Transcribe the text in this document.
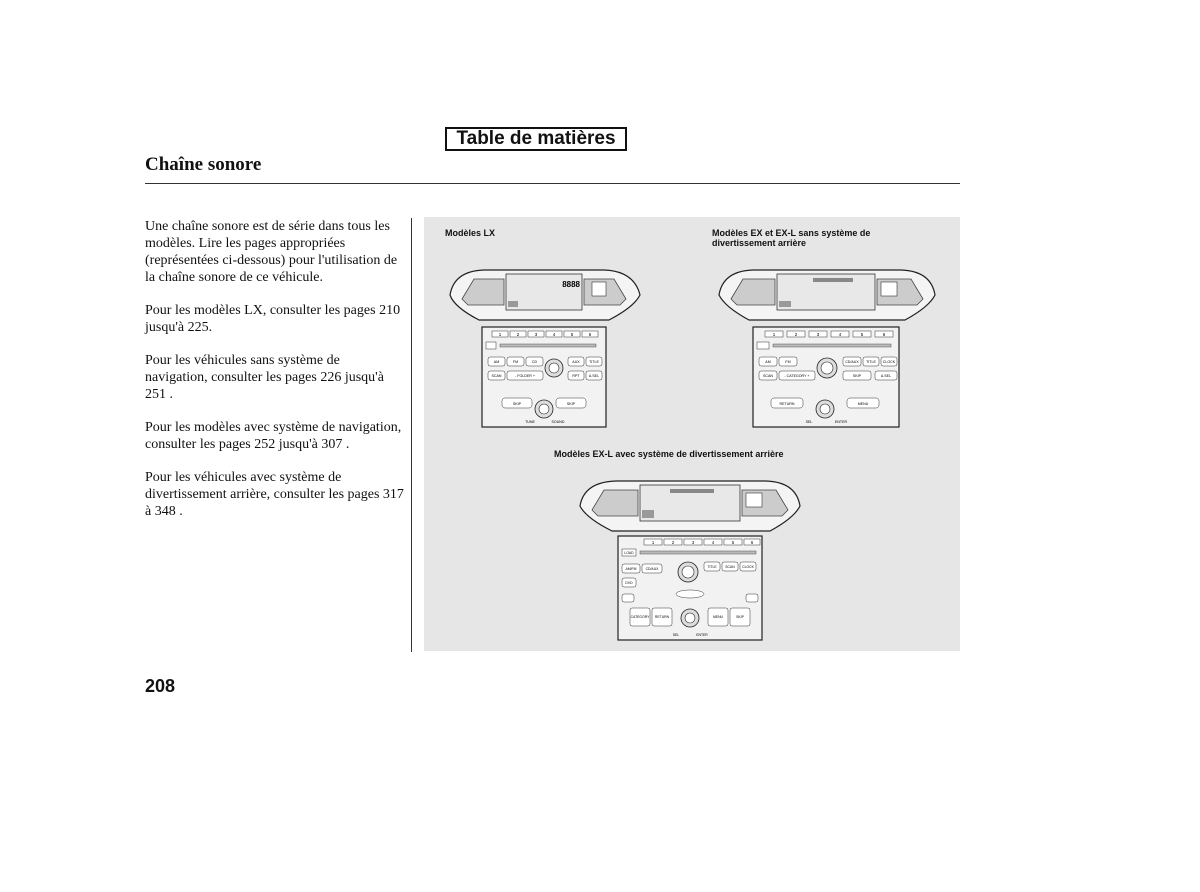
Table de matières
Chaîne sonore

Une chaîne sonore est de série dans tous les modèles. Lire les pages appropriées (représentées ci-dessous) pour l'utilisation de la chaîne sonore de ce véhicule.

Pour les modèles LX, consulter les pages 210 jusqu'à 225.

Pour les véhicules sans système de navigation, consulter les pages 226 jusqu'à 251 .

Pour les modèles avec système de navigation, consulter les pages 252 jusqu'à 307 .

Pour les véhicules avec système de divertissement arrière, consulter les pages 317 à 348 .

Modèles LX	Modèles EX et EX-L sans système de
divertissement arrière
Modèles EX-L avec système de divertissement arrière
8888
1	2	3	4	5	6
AM	FM	CD	AUX	TITLE
SCAN	- FOLDER +	RPT	A.SEL
SKIP	SKIP
TUNE	SOUND
1	2	3	4	5	6
AM	FM	CD/AUX TITLE CLOCK
SCAN	- CATEGORY +	SKIP	A.SEL
RETURN	MENU
SEL	ENTER
1	2	3	4	5	6
LOAD
AM/FM	CD/AUX	TITLE	SCAN CLOCK
DVD
CATEGORY RETURN	MENU	SKIP
SEL	ENTER
208
